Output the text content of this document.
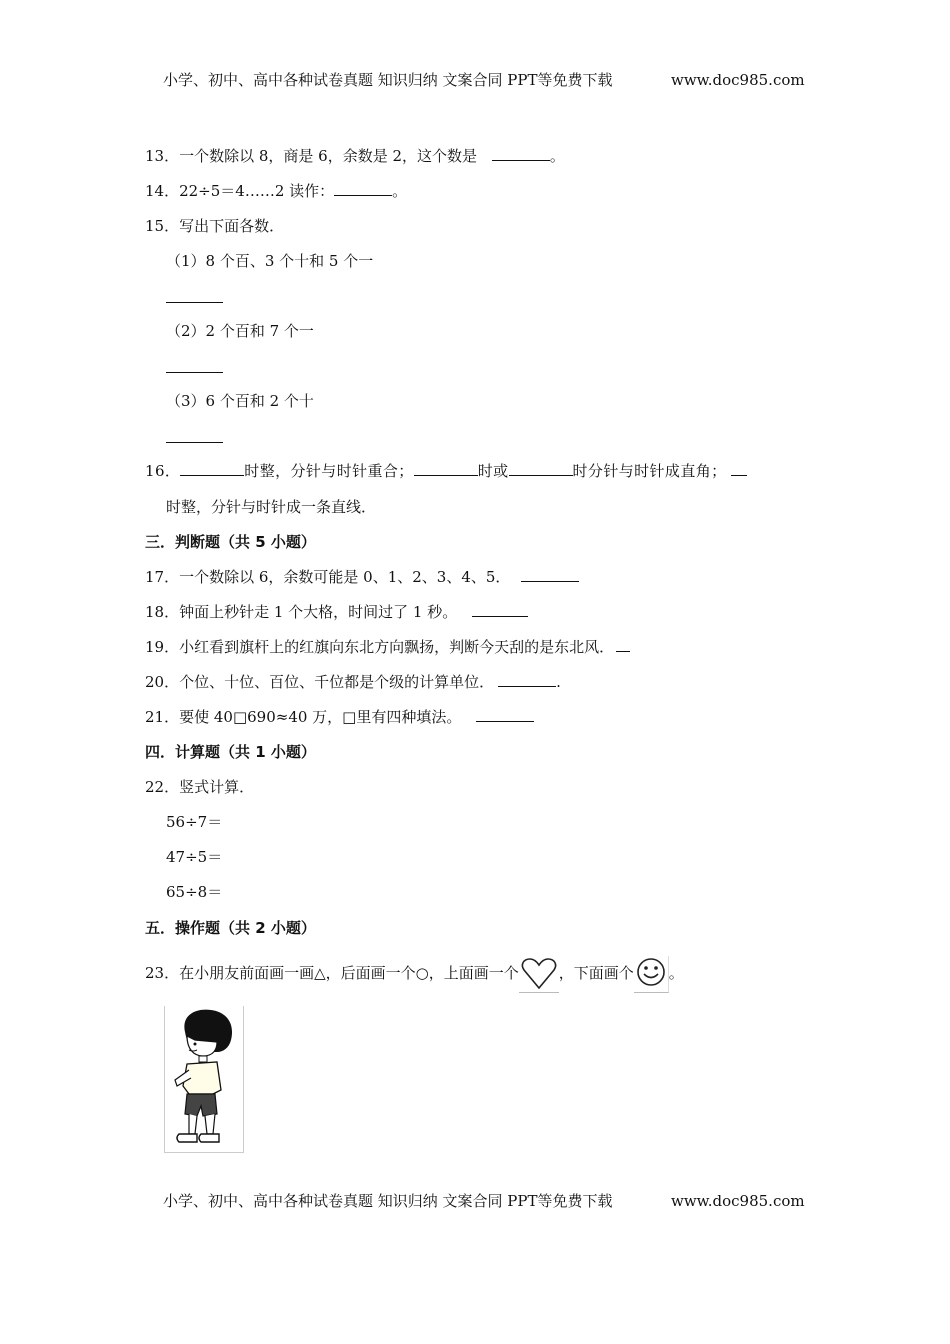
小学、初中、高中各种试卷真题 知识归纳 文案合同 PPT等免费下载	www.doc985.com
13．一个数除以 8，商是 6，余数是 2，这个数是	。
14．22÷5＝4……2 读作：	。
15．写出下面各数．
（1）8 个百、3 个十和 5 个一
（2）2 个百和 7 个一
（3）6 个百和 2 个十
16．	时整，分针与时针重合；	时或	时分针与时针成直角；
时整，分针与时针成一条直线．
三．判断题（共 5 小题）
17．一个数除以 6，余数可能是 0、1、2、3、4、5．
18．钟面上秒针走 1 个大格，时间过了 1 秒。
19．小红看到旗杆上的红旗向东北方向飘扬，判断今天刮的是东北风．
20．个位、十位、百位、千位都是个级的计算单位．	.
21．要使 40□690≈40 万，□里有四种填法。
四．计算题（共 1 小题）
22．竖式计算．
56÷7＝
47÷5＝
65÷8＝
五．操作题（共 2 小题）
23．在小朋友前面画一画△，后面画一个○，上面画一个	，下面画个 。
小学、初中、高中各种试卷真题 知识归纳 文案合同 PPT等免费下载	www.doc985.com
